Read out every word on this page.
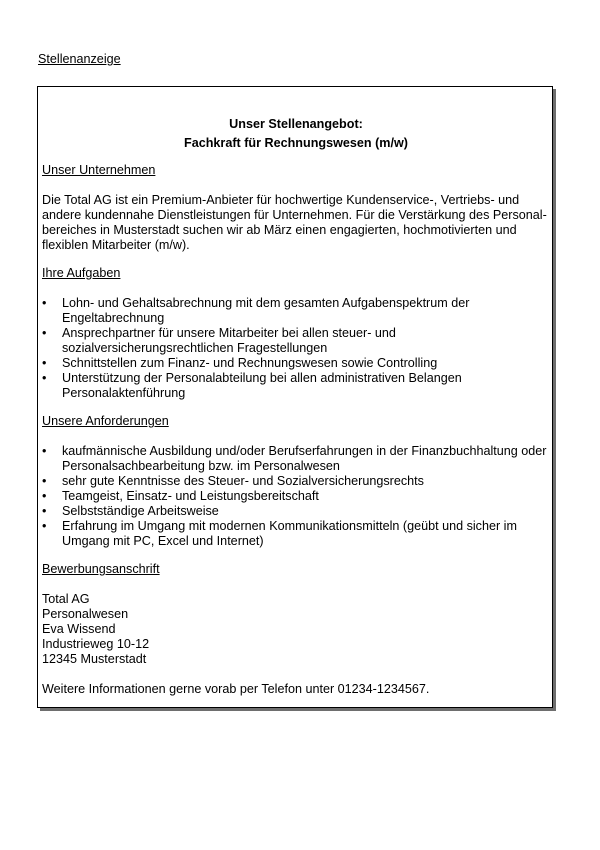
Stellenanzeige

Unser Stellenangebot:
Fachkraft für Rechnungswesen (m/w)
Unser Unternehmen

Die Total AG ist ein Premium-Anbieter für hochwertige Kundenservice-, Vertriebs- und andere kundennahe Dienstleistungen für Unternehmen. Für die Verstärkung des Personal-bereiches in Musterstadt suchen wir ab März einen engagierten, hochmotivierten und flexiblen Mitarbeiter (m/w).

Ihre Aufgaben
•	Lohn- und Gehaltsabrechnung mit dem gesamten Aufgabenspektrum der Engeltabrechnung
•	Ansprechpartner für unsere Mitarbeiter bei allen steuer- und sozialversicherungsrechtlichen Fragestellungen
•	Schnittstellen zum Finanz- und Rechnungswesen sowie Controlling
•	Unterstützung der Personalabteilung bei allen administrativen Belangen Personalaktenführung
Unsere Anforderungen
•	kaufmännische Ausbildung und/oder Berufserfahrungen in der Finanzbuchhaltung oder Personalsachbearbeitung bzw. im Personalwesen
•	sehr gute Kenntnisse des Steuer- und Sozialversicherungsrechts
•	Teamgeist, Einsatz- und Leistungsbereitschaft
•	Selbstständige Arbeitsweise
•	Erfahrung im Umgang mit modernen Kommunikationsmitteln (geübt und sicher im Umgang mit PC, Excel und Internet)
Bewerbungsanschrift
Total AG
Personalwesen
Eva Wissend
Industrieweg 10-12
12345 Musterstadt

Weitere Informationen gerne vorab per Telefon unter 01234-1234567.
